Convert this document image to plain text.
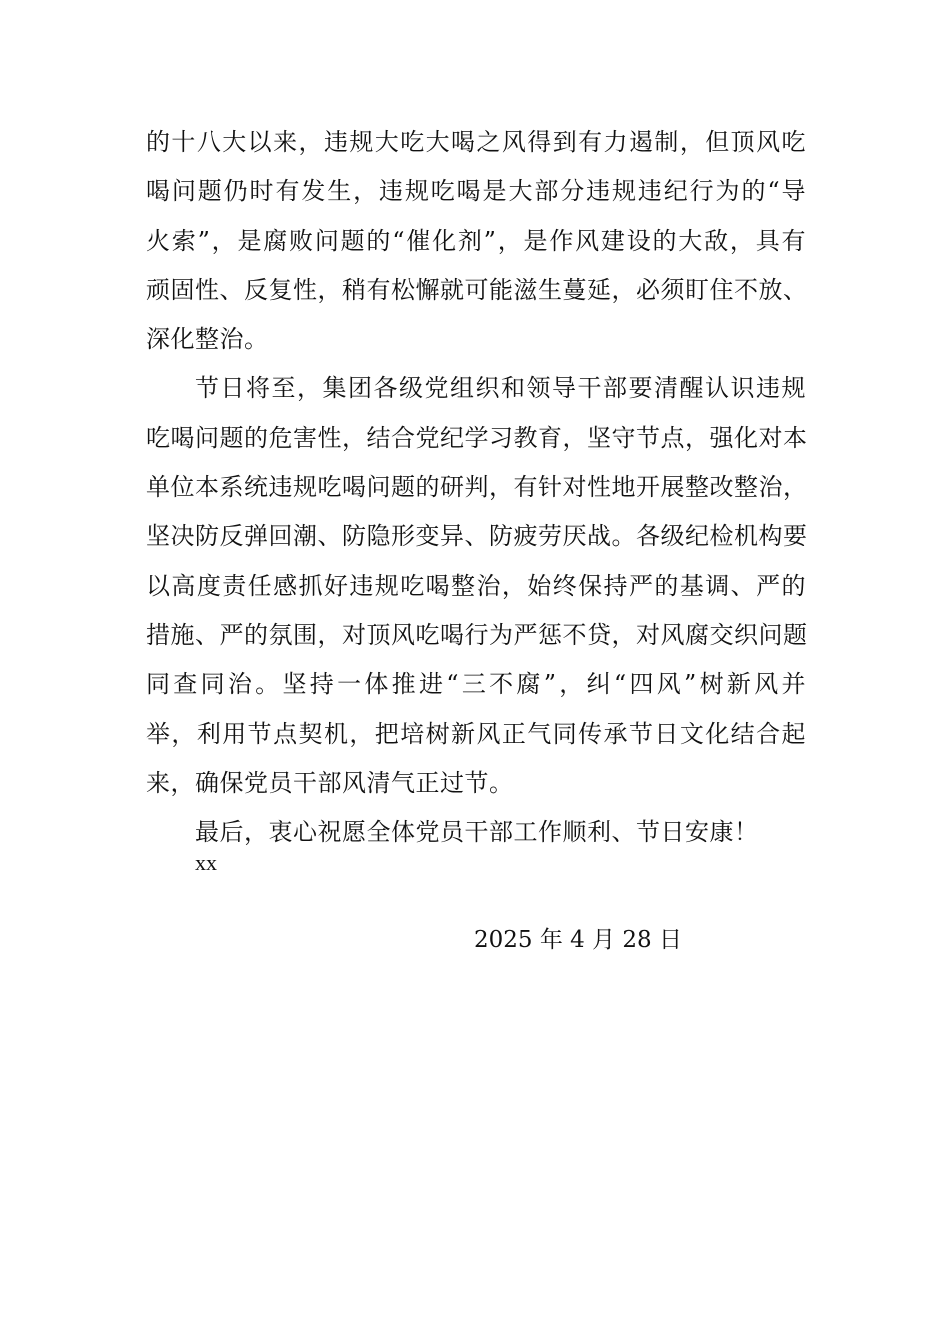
的十八大以来，违规大吃大喝之风得到有力遏制，但顶风吃
喝问题仍时有发生，违规吃喝是大部分违规违纪行为的“导
火索”，是腐败问题的“催化剂”，是作风建设的大敌，具有
顽固性、反复性，稍有松懈就可能滋生蔓延，必须盯住不放、
深化整治。
节日将至，集团各级党组织和领导干部要清醒认识违规
吃喝问题的危害性，结合党纪学习教育，坚守节点，强化对本
单位本系统违规吃喝问题的研判，有针对性地开展整改整治，
坚决防反弹回潮、防隐形变异、防疲劳厌战。各级纪检机构要
以高度责任感抓好违规吃喝整治，始终保持严的基调、严的
措施、严的氛围，对顶风吃喝行为严惩不贷，对风腐交织问题
同查同治。坚持一体推进“三不腐”，纠“四风”树新风并
举，利用节点契机，把培树新风正气同传承节日文化结合起
来，确保党员干部风清气正过节。
最后，衷心祝愿全体党员干部工作顺利、节日安康！
xx
2025 年 4 月 28 日
